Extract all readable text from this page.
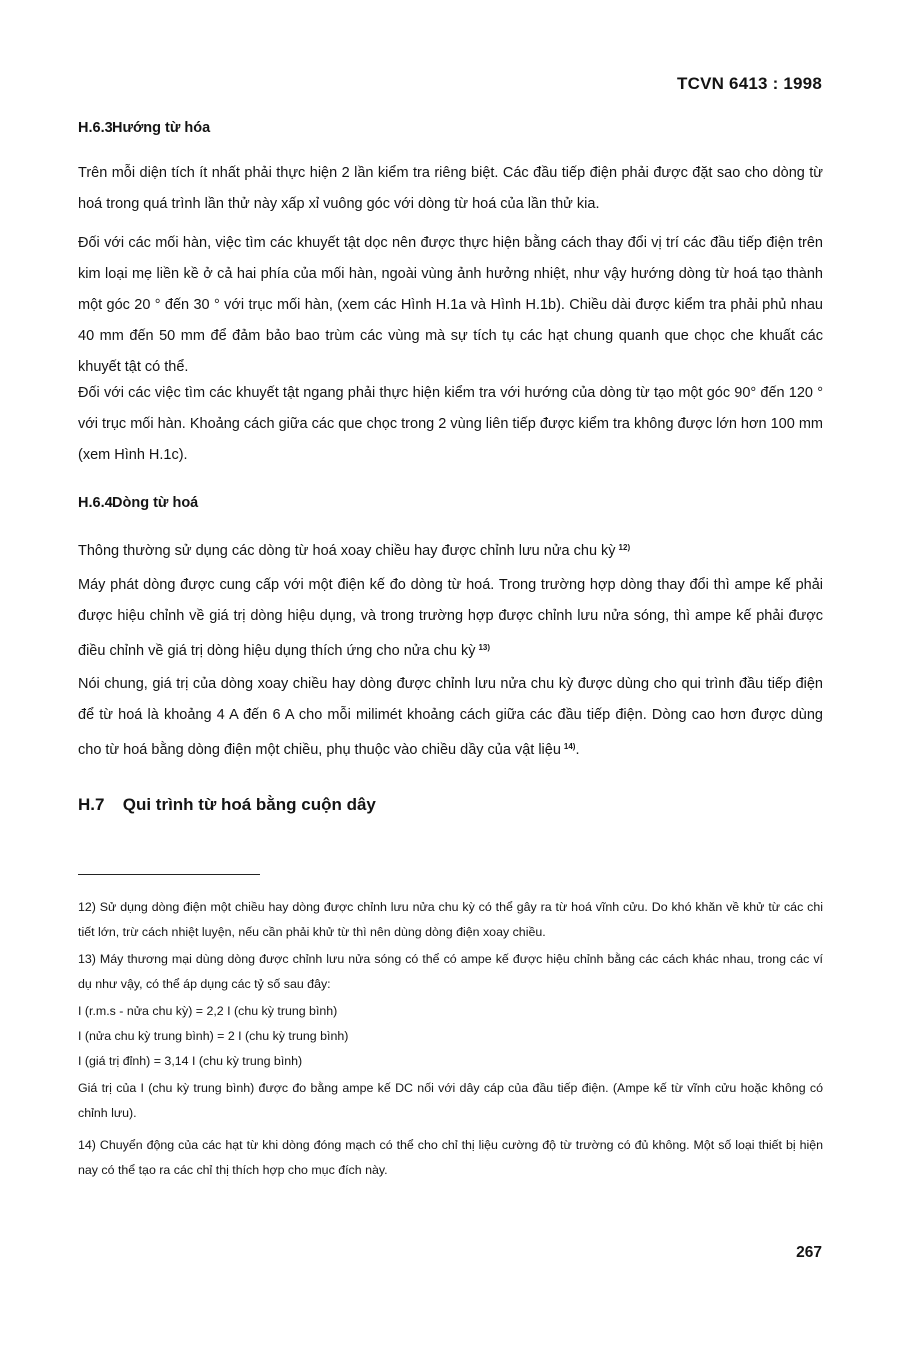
TCVN 6413 : 1998
H.6.3 Hướng từ hóa

Trên mỗi diện tích ít nhất phải thực hiện 2 lần kiểm tra riêng biệt. Các đầu tiếp điện phải được đặt sao cho dòng từ hoá trong quá trình lần thử này xấp xỉ vuông góc với dòng từ hoá của lần thử kia.

Đối với các mối hàn, việc tìm các khuyết tật dọc nên được thực hiện bằng cách thay đổi vị trí các đầu tiếp điện trên kim loại mẹ liền kề ở cả hai phía của mối hàn, ngoài vùng ảnh hưởng nhiệt, như vậy hướng dòng từ hoá tạo thành một góc 20 ° đến 30 ° với trục mối hàn, (xem các Hình H.1a và Hình H.1b). Chiều dài được kiểm tra phải phủ nhau 40 mm đến 50 mm để đảm bảo bao trùm các vùng mà sự tích tụ các hạt chung quanh que chọc che khuất các khuyết tật có thể.

Đối với các việc tìm các khuyết tật ngang phải thực hiện kiểm tra với hướng của dòng từ tạo một góc 90° đến 120 ° với trục mối hàn. Khoảng cách giữa các que chọc trong 2 vùng liên tiếp được kiểm tra không được lớn hơn 100 mm (xem Hình H.1c).

H.6.4 Dòng từ hoá

Thông thường sử dụng các dòng từ hoá xoay chiều hay được chỉnh lưu nửa chu kỳ $^{12)}$

Máy phát dòng được cung cấp với một điện kế đo dòng từ hoá. Trong trường hợp dòng thay đổi thì ampe kế phải được hiệu chỉnh về giá trị dòng hiệu dụng, và trong trường hợp được chỉnh lưu nửa sóng, thì ampe kế phải được điều chỉnh về giá trị dòng hiệu dụng thích ứng cho nửa chu kỳ $^{13)}$

Nói chung, giá trị của dòng xoay chiều hay dòng được chỉnh lưu nửa chu kỳ được dùng cho qui trình đầu tiếp điện để từ hoá là khoảng 4 A đến 6 A cho mỗi milimét khoảng cách giữa các đầu tiếp điện. Dòng cao hơn được dùng cho từ hoá bằng dòng điện một chiều, phụ thuộc vào chiều dầy của vật liệu $^{14)}$.

H.7 Qui trình từ hoá bằng cuộn dây

12) Sử dụng dòng điện một chiều hay dòng được chỉnh lưu nửa chu kỳ có thể gây ra từ hoá vĩnh cửu. Do khó khăn về khử từ các chi tiết lớn, trừ cách nhiệt luyện, nếu cần phải khử từ thì nên dùng dòng điện xoay chiều.

13) Máy thương mại dùng dòng được chỉnh lưu nửa sóng có thể có ampe kế được hiệu chỉnh bằng các cách khác nhau, trong các ví dụ như vậy, có thể áp dụng các tỷ số sau đây:

I (r.m.s - nửa chu kỳ) = 2,2 I (chu kỳ trung bình)

I (nửa chu kỳ trung bình) = 2 I (chu kỳ trung bình)

I (giá trị đỉnh) = 3,14 I (chu kỳ trung bình)

Giá trị của I (chu kỳ trung bình) được đo bằng ampe kế DC nối với dây cáp của đầu tiếp điện. (Ampe kế từ vĩnh cửu hoặc không có chỉnh lưu).

14) Chuyển động của các hạt từ khi dòng đóng mạch có thể cho chỉ thị liệu cường độ từ trường có đủ không. Một số loại thiết bị hiện nay có thể tạo ra các chỉ thị thích hợp cho mục đích này.

267
